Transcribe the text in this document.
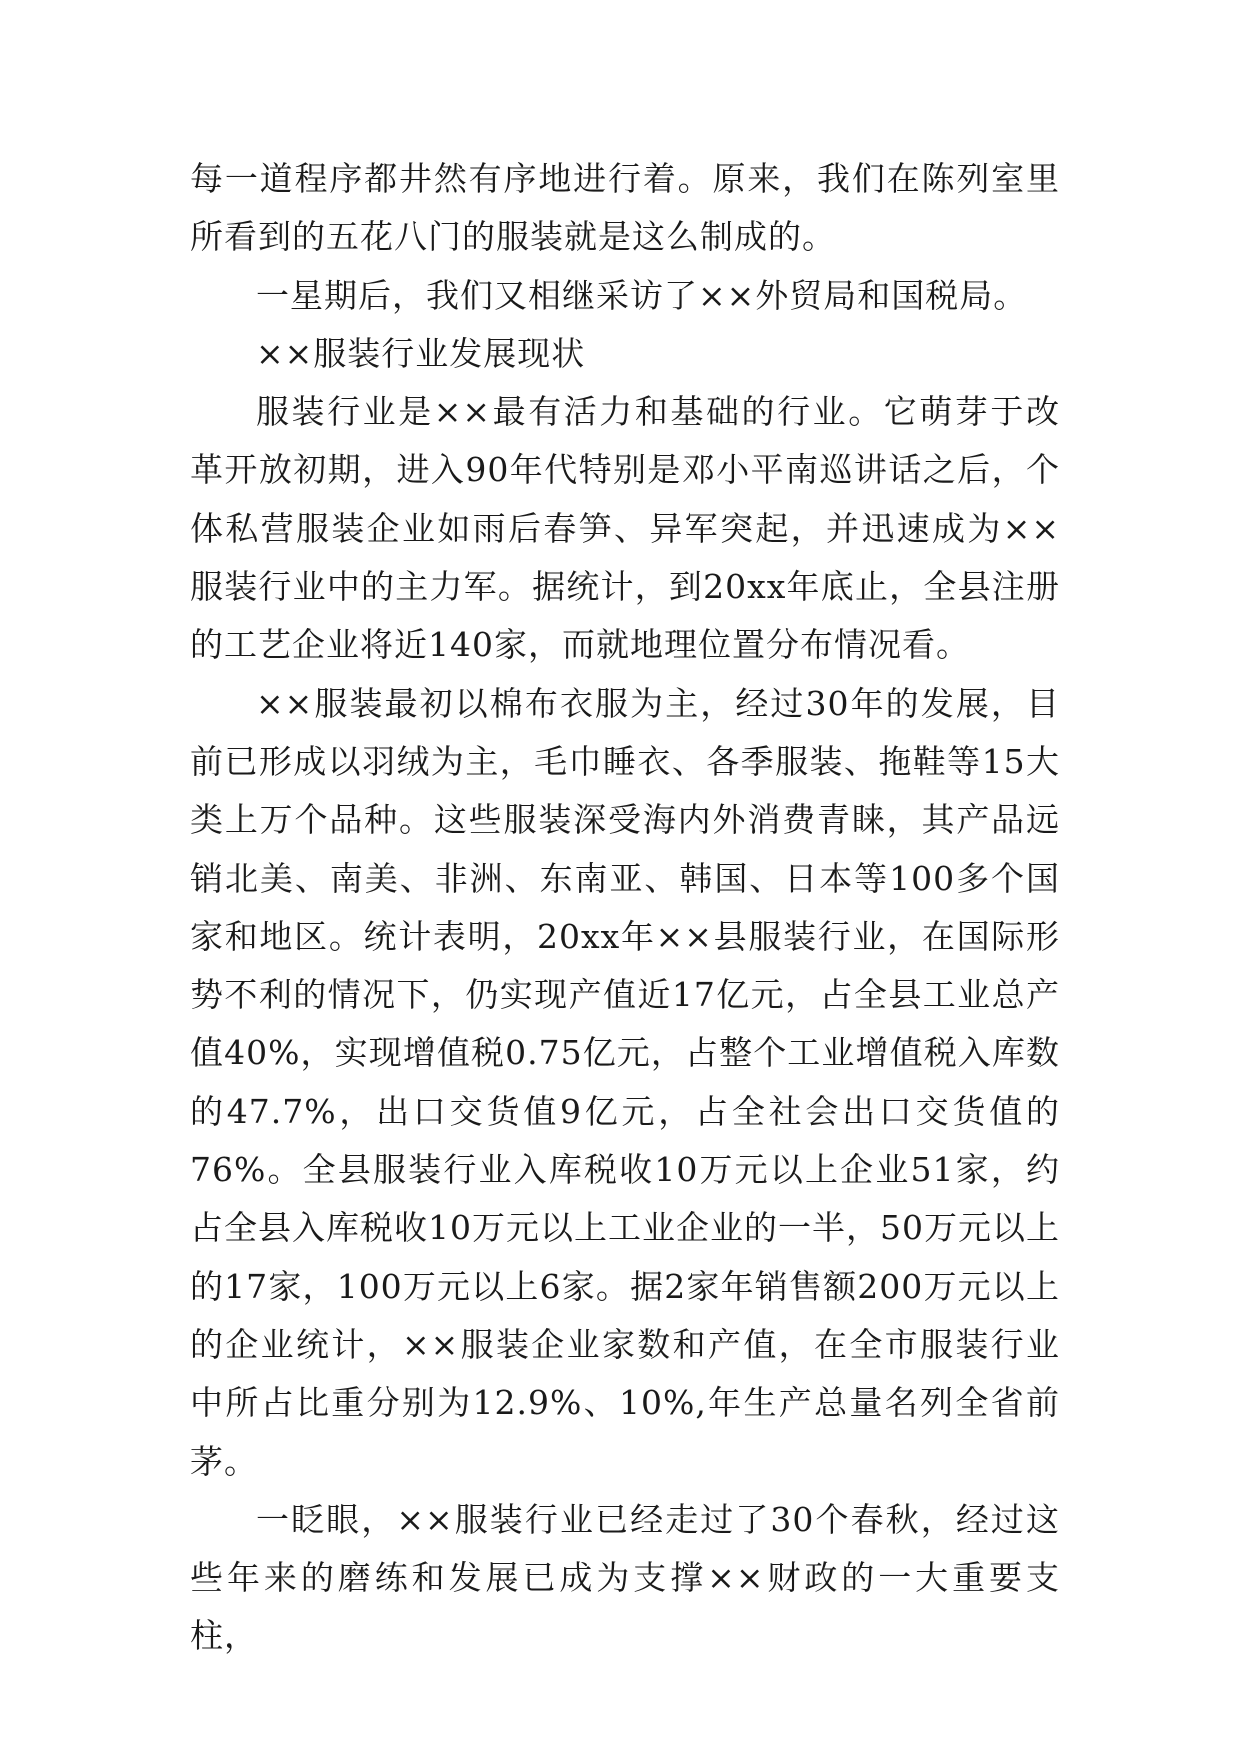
每一道程序都井然有序地进行着。原来，我们在陈列室里所看到的五花八门的服装就是这么制成的。

一星期后，我们又相继采访了××外贸局和国税局。

××服装行业发展现状

服装行业是××最有活力和基础的行业。它萌芽于改革开放初期，进入90年代特别是邓小平南巡讲话之后，个体私营服装企业如雨后春笋、异军突起，并迅速成为××服装行业中的主力军。据统计，到20xx年底止，全县注册的工艺企业将近140家，而就地理位置分布情况看。

××服装最初以棉布衣服为主，经过30年的发展，目前已形成以羽绒为主，毛巾睡衣、各季服装、拖鞋等15大类上万个品种。这些服装深受海内外消费青睐，其产品远销北美、南美、非洲、东南亚、韩国、日本等100多个国家和地区。统计表明，20xx年××县服装行业，在国际形势不利的情况下，仍实现产值近17亿元，占全县工业总产值40%，实现增值税0.75亿元，占整个工业增值税入库数的47.7%，出口交货值9亿元，占全社会出口交货值的76%。全县服装行业入库税收10万元以上企业51家，约占全县入库税收10万元以上工业企业的一半，50万元以上的17家，100万元以上6家。据2家年销售额200万元以上的企业统计，××服装企业家数和产值，在全市服装行业中所占比重分别为12.9%、10%,年生产总量名列全省前茅。

一眨眼，××服装行业已经走过了30个春秋，经过这些年来的磨练和发展已成为支撑××财政的一大重要支柱，
